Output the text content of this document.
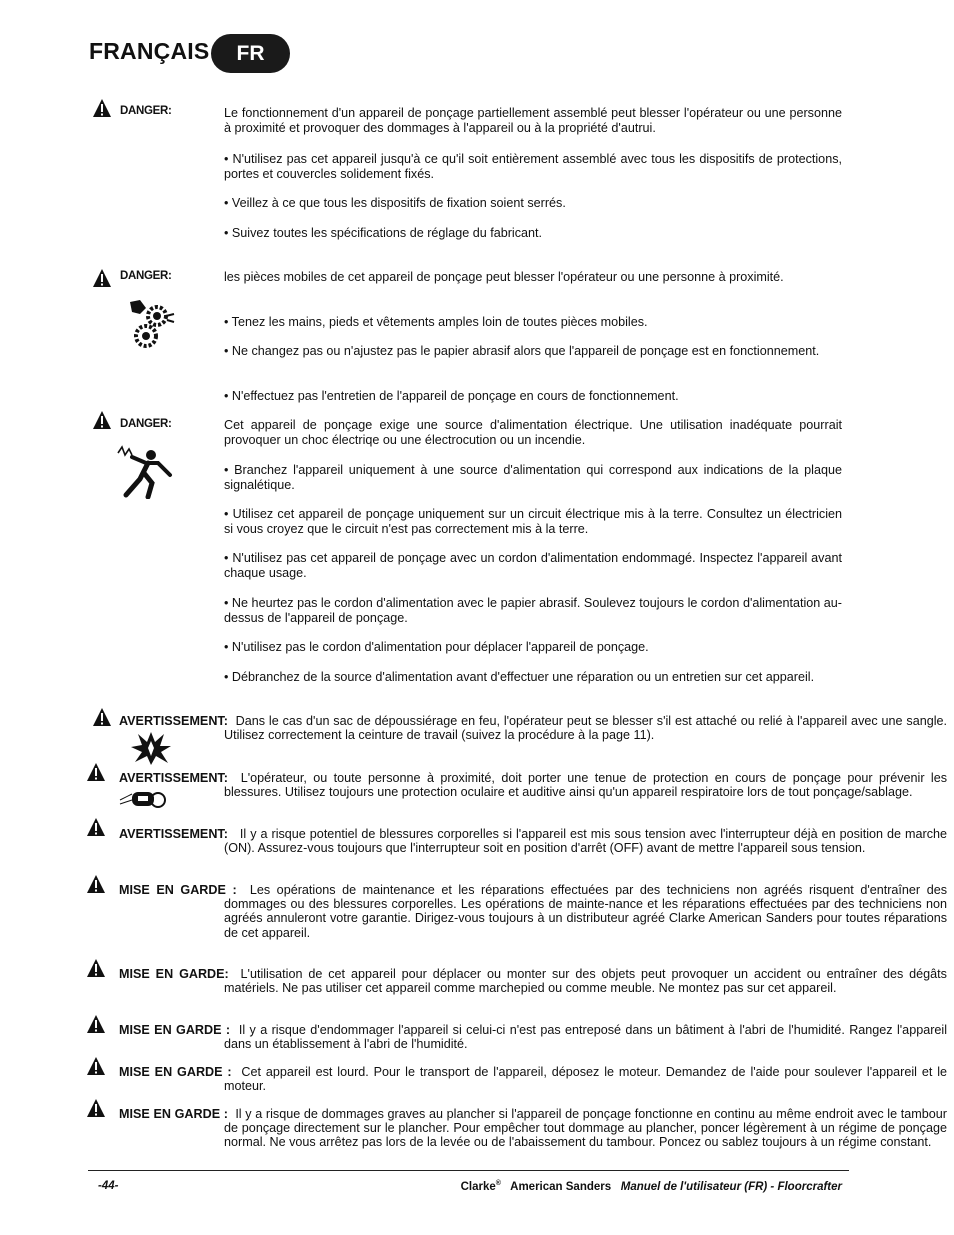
FRANÇAIS	FR
DANGER:	Le fonctionnement d'un appareil de ponçage partiellement assemblé peut blesser l'opérateur ou une personne à proximité et provoquer des dommages à l'appareil ou à la propriété d'autrui.
• N'utilisez pas cet appareil jusqu'à ce qu'il soit entièrement assemblé avec tous les dispositifs de protections, portes et couvercles solidement fixés.
• Veillez à ce que tous les dispositifs de fixation soient serrés.
• Suivez toutes les spécifications de réglage du fabricant.
DANGER:	les pièces mobiles de cet appareil de ponçage peut blesser l'opérateur ou une personne à proximité.
• Tenez les mains, pieds et vêtements amples loin de toutes pièces mobiles.
• Ne changez pas ou n'ajustez pas le papier abrasif alors que l'appareil de ponçage est en fonctionnement.
• N'effectuez pas l'entretien de l'appareil de ponçage en cours de fonctionnement.
DANGER:	Cet appareil de ponçage exige une source d'alimentation électrique. Une utilisation inadéquate pourrait provoquer un choc électriqe ou une électrocution ou un incendie.
• Branchez l'appareil uniquement à une source d'alimentation qui correspond aux indications de la plaque signalétique.
• Utilisez cet appareil de ponçage uniquement sur un circuit électrique mis à la terre. Consultez un électricien si vous croyez que le circuit n'est pas correctement mis à la terre.
• N'utilisez pas cet appareil de ponçage avec un cordon d'alimentation endommagé. Inspectez l'appareil avant chaque usage.
• Ne heurtez pas le cordon d'alimentation avec le papier abrasif. Soulevez toujours le cordon d'alimentation au-dessus de l'appareil de ponçage.
• N'utilisez pas le cordon d'alimentation pour déplacer l'appareil de ponçage.
• Débranchez de la source d'alimentation avant d'effectuer une réparation ou un entretien sur cet appareil.
AVERTISSEMENT: Dans le cas d'un sac de dépoussiérage en feu, l'opérateur peut se blesser s'il est attaché ou relié à l'appareil avec une sangle. Utilisez correctement la ceinture de travail (suivez la procédure à la page 11).
AVERTISSEMENT: L'opérateur, ou toute personne à proximité, doit porter une tenue de protection en cours de ponçage pour prévenir les blessures. Utilisez toujours une protection oculaire et auditive ainsi qu'un appareil respiratoire lors de tout ponçage/sablage.
AVERTISSEMENT: Il y a risque potentiel de blessures corporelles si l'appareil est mis sous tension avec l'interrupteur déjà en position de marche (ON). Assurez-vous toujours que l'interrupteur soit en position d'arrêt (OFF) avant de mettre l'appareil sous tension.
MISE EN GARDE : Les opérations de maintenance et les réparations effectuées par des techniciens non agréés risquent d'entraîner des dommages ou des blessures corporelles. Les opérations de mainte-nance et les réparations effectuées par des techniciens non agréés annuleront votre garantie. Dirigez-vous toujours à un distributeur agréé Clarke American Sanders pour toutes réparations de cet appareil.
MISE EN GARDE: L'utilisation de cet appareil pour déplacer ou monter sur des objets peut provoquer un accident ou entraîner des dégâts matériels. Ne pas utiliser cet appareil comme marchepied ou comme meuble. Ne montez pas sur cet appareil.
MISE EN GARDE : Il y a risque d'endommager l'appareil si celui-ci n'est pas entreposé dans un bâtiment à l'abri de l'humidité. Rangez l'appareil dans un établissement à l'abri de l'humidité.
MISE EN GARDE : Cet appareil est lourd. Pour le transport de l'appareil, déposez le moteur. Demandez de l'aide pour soulever l'appareil et le moteur.
MISE EN GARDE : Il y a risque de dommages graves au plancher si l'appareil de ponçage fonctionne en continu au même endroit avec le tambour de ponçage directement sur le plancher. Pour empêcher tout dommage au plancher, poncer légèrement à un régime de ponçage normal. Ne vous arrêtez pas lors de la levée ou de l'abaissement du tambour. Poncez ou sablez toujours à un régime constant.
-44-	Clarke® American Sanders Manuel de l'utilisateur (FR) - Floorcrafter
